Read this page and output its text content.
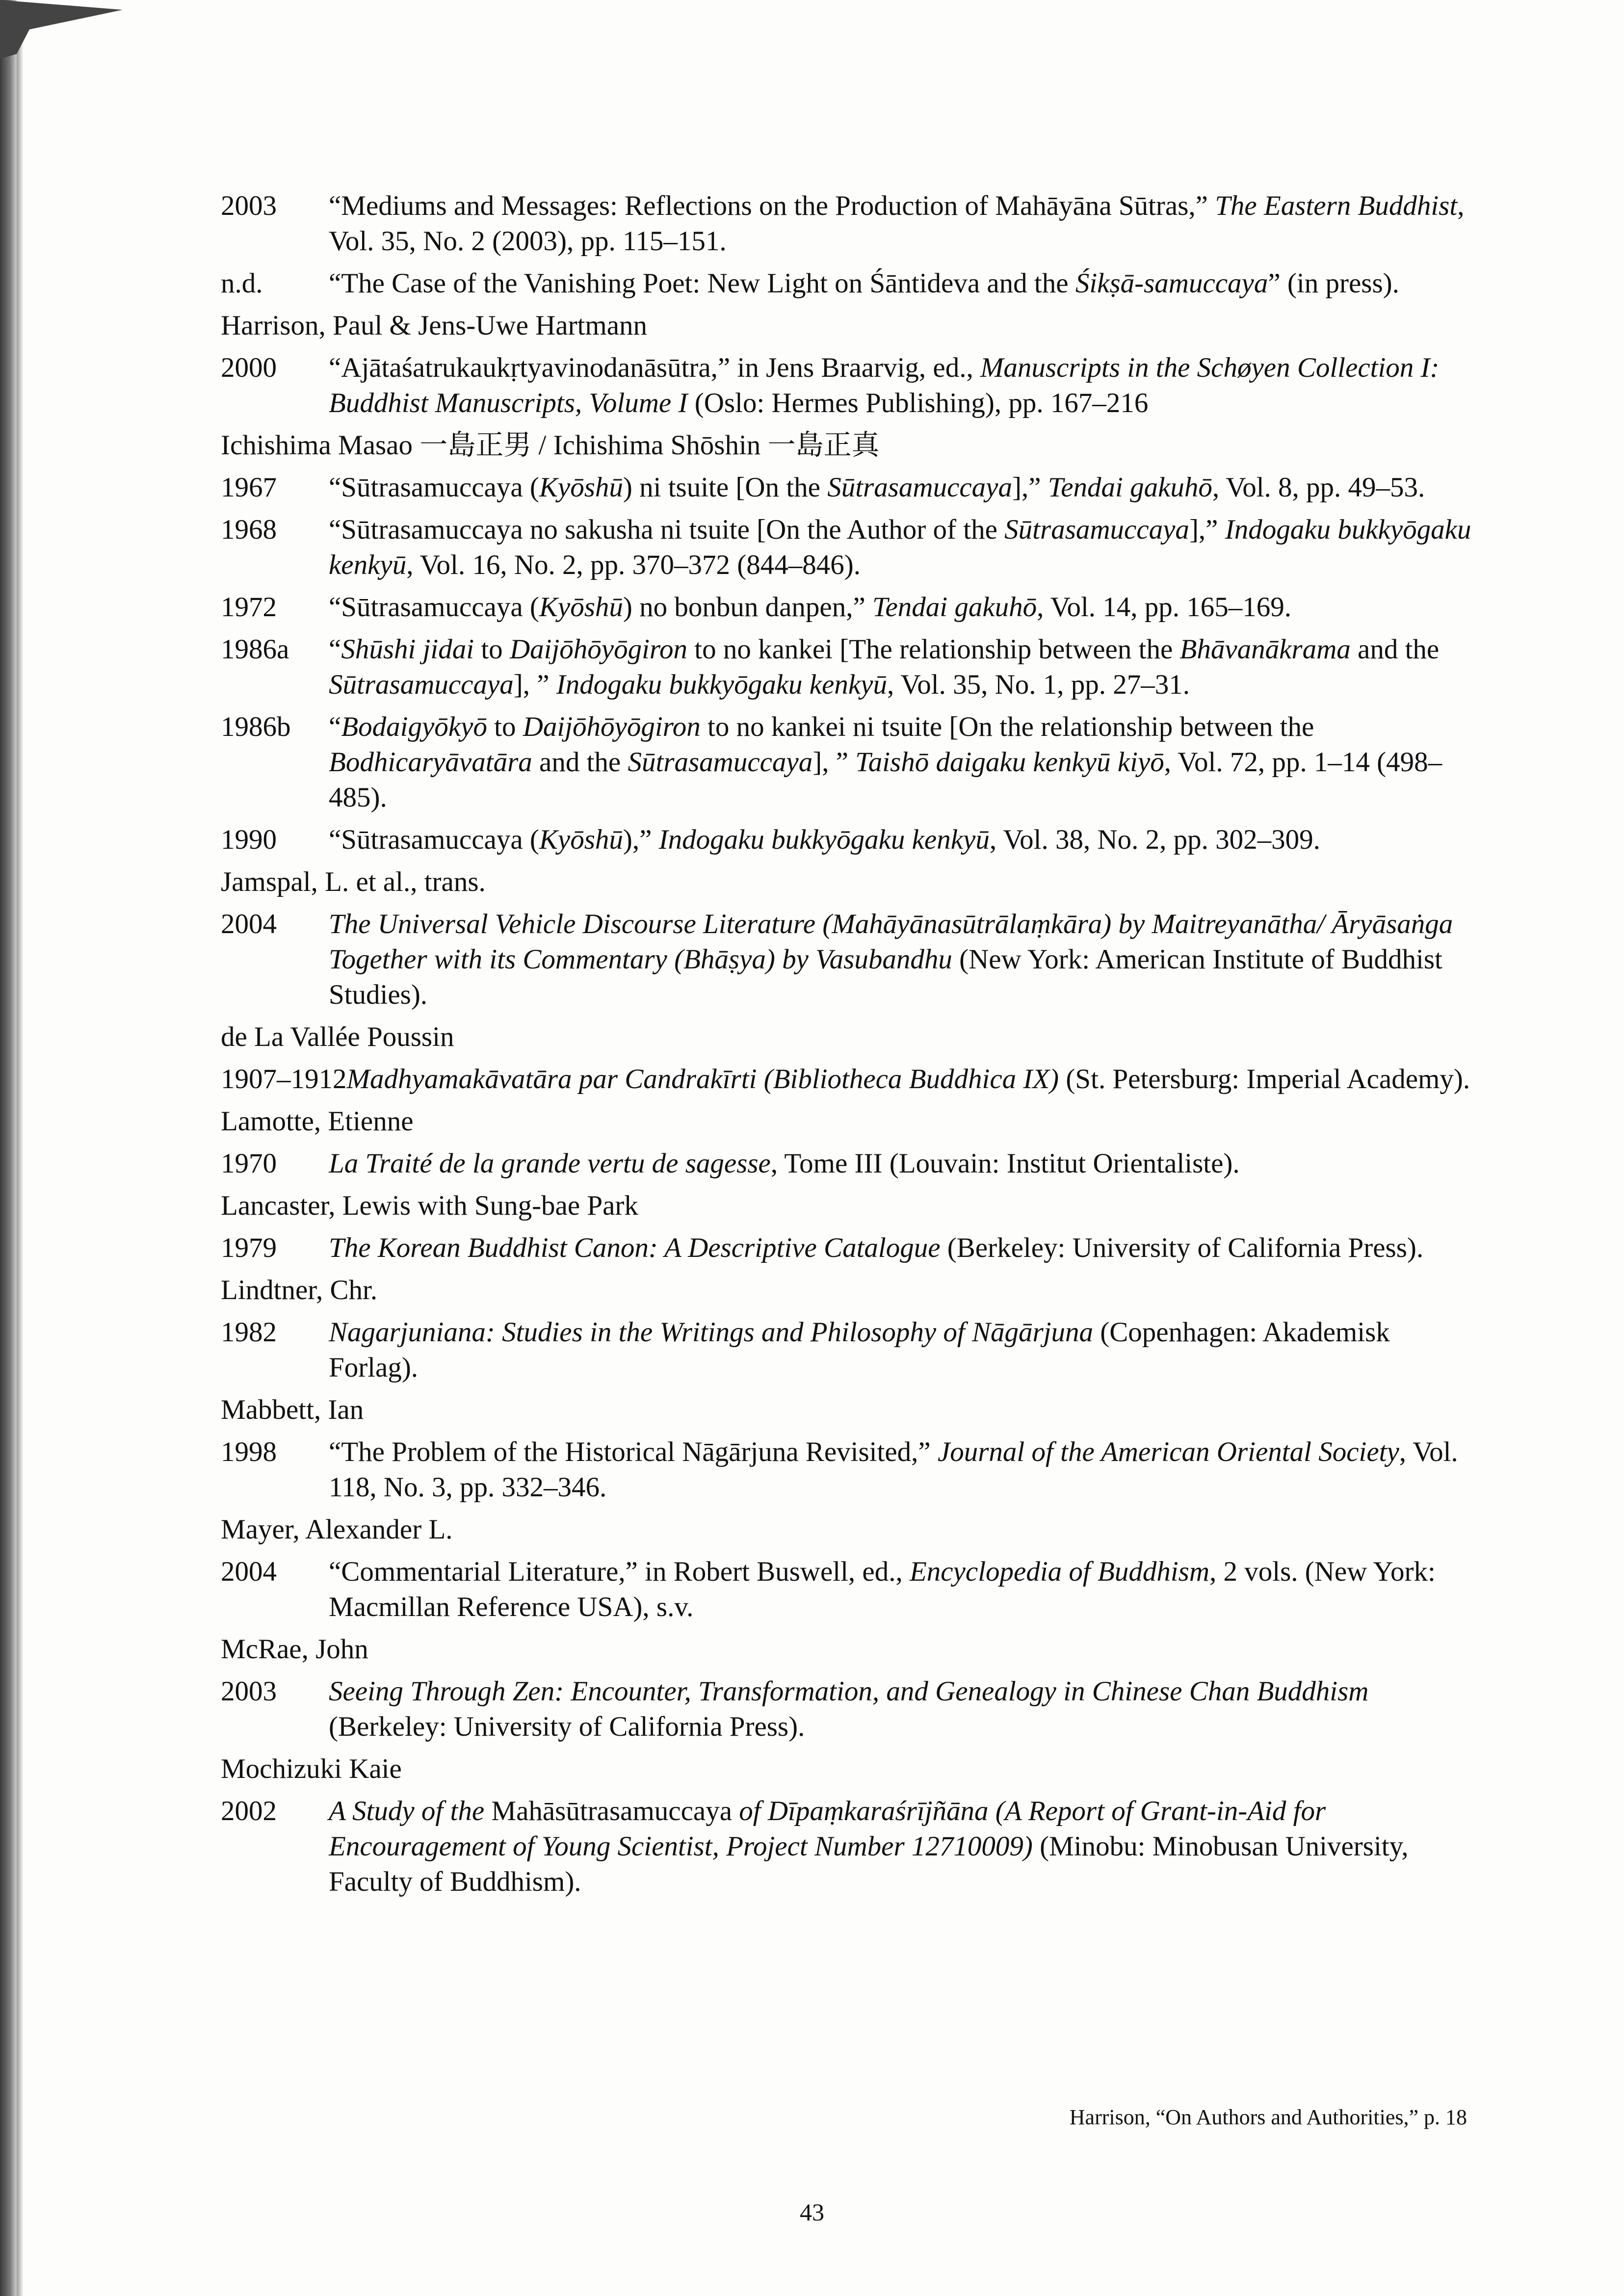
2003	“Mediums and Messages: Reflections on the Production of Mahāyāna Sūtras,” The Eastern Buddhist, Vol. 35, No. 2 (2003), pp. 115–151.
n.d.	“The Case of the Vanishing Poet: New Light on Śāntideva and the Śikṣā-samuccaya” (in press).
Harrison, Paul & Jens-Uwe Hartmann
2000	“Ajātaśatrukaukṛtyavinodanāsūtra,” in Jens Braarvig, ed., Manuscripts in the Schøyen Collection I: Buddhist Manuscripts, Volume I (Oslo: Hermes Publishing), pp. 167–216
Ichishima Masao 一島正男 / Ichishima Shōshin 一島正真
1967	“Sūtrasamuccaya (Kyōshū) ni tsuite [On the Sūtrasamuccaya],” Tendai gakuhō, Vol. 8, pp. 49–53.
1968	“Sūtrasamuccaya no sakusha ni tsuite [On the Author of the Sūtrasamuccaya],” Indogaku bukkyōgaku kenkyū, Vol. 16, No. 2, pp. 370–372 (844–846).
1972	“Sūtrasamuccaya (Kyōshū) no bonbun danpen,” Tendai gakuhō, Vol. 14, pp. 165–169.
1986a	“Shūshi jidai to Daijōhōyōgiron to no kankei [The relationship between the Bhāvanākrama and the Sūtrasamuccaya], ” Indogaku bukkyōgaku kenkyū, Vol. 35, No. 1, pp. 27–31.
1986b	“Bodaigyōkyō to Daijōhōyōgiron to no kankei ni tsuite [On the relationship between the Bodhicaryāvatāra and the Sūtrasamuccaya], ” Taishō daigaku kenkyū kiyō, Vol. 72, pp. 1–14 (498–485).
1990	“Sūtrasamuccaya (Kyōshū),” Indogaku bukkyōgaku kenkyū, Vol. 38, No. 2, pp. 302–309.
Jamspal, L. et al., trans.
2004	The Universal Vehicle Discourse Literature (Mahāyānasūtrālaṃkāra) by Maitreyanātha/ Āryāsaṅga Together with its Commentary (Bhāṣya) by Vasubandhu (New York: American Institute of Buddhist Studies).
de La Vallée Poussin
1907–1912 Madhyamakāvatāra par Candrakīrti (Bibliotheca Buddhica IX) (St. Petersburg: Imperial Academy).
Lamotte, Etienne
1970	La Traité de la grande vertu de sagesse, Tome III (Louvain: Institut Orientaliste).
Lancaster, Lewis with Sung-bae Park
1979	The Korean Buddhist Canon: A Descriptive Catalogue (Berkeley: University of California Press).
Lindtner, Chr.
1982	Nagarjuniana: Studies in the Writings and Philosophy of Nāgārjuna (Copenhagen: Akademisk Forlag).
Mabbett, Ian
1998	“The Problem of the Historical Nāgārjuna Revisited,” Journal of the American Oriental Society, Vol. 118, No. 3, pp. 332–346.
Mayer, Alexander L.
2004	“Commentarial Literature,” in Robert Buswell, ed., Encyclopedia of Buddhism, 2 vols. (New York: Macmillan Reference USA), s.v.
McRae, John
2003	Seeing Through Zen: Encounter, Transformation, and Genealogy in Chinese Chan Buddhism (Berkeley: University of California Press).
Mochizuki Kaie
2002	A Study of the Mahāsūtrasamuccaya of Dīpaṃkaraśrījñāna (A Report of Grant-in-Aid for Encouragement of Young Scientist, Project Number 12710009) (Minobu: Minobusan University, Faculty of Buddhism).
Harrison, “On Authors and Authorities,” p. 18
43
